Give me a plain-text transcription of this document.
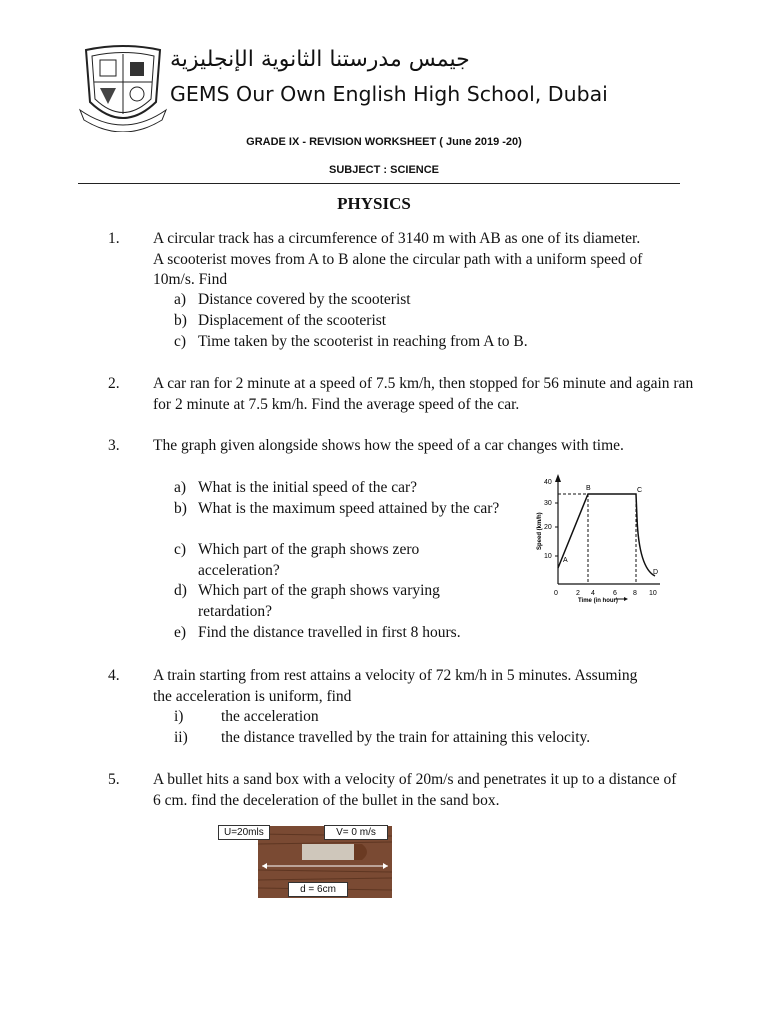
جيمس مدرستنا الثانوية الإنجليزية
GEMS Our Own English High School, Dubai
GRADE IX - REVISION WORKSHEET ( June 2019 -20)
SUBJECT : SCIENCE
PHYSICS
1. A circular track has a circumference of 3140 m with AB as one of its diameter. A scooterist moves from A to B alone the circular path with a uniform speed of 10m/s. Find
a) Distance covered by the scooterist
b) Displacement of the scooterist
c) Time taken by the scooterist in reaching from A to B.
2. A car ran for 2 minute at a speed of 7.5 km/h, then stopped for 56 minute and again ran for 2 minute at 7.5 km/h. Find the average speed of the car.
3. The graph given alongside shows how the speed of a car changes with time.
a) What is the initial speed of the car?
b) What is the maximum speed attained by the car?
c) Which part of the graph shows zero acceleration?
d) Which part of the graph shows varying retardation?
e) Find the distance travelled in first 8 hours.
40
30
20
10
Speed (km/h)
0	2 4	6 8 10
Time (in hour)
A
B	C
D
4. A train starting from rest attains a velocity of 72 km/h in 5 minutes. Assuming the acceleration is uniform, find
i) the acceleration
ii) the distance travelled by the train for attaining this velocity.
5. A bullet hits a sand box with a velocity of 20m/s and penetrates it up to a distance of 6 cm. find the deceleration of the bullet in the sand box.
U=20mls	V= 0 m/s
d = 6cm
